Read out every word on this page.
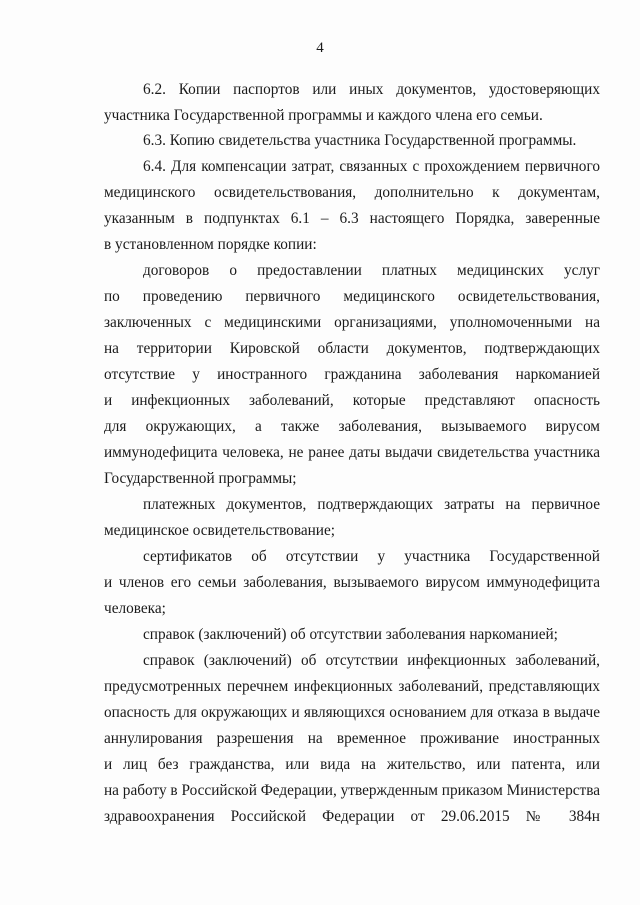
4
6.2. Копии паспортов или иных документов, удостоверяющих
участника Государственной программы и каждого члена его семьи.
6.3. Копию свидетельства участника Государственной программы.
6.4. Для компенсации затрат, связанных с прохождением первичного
медицинского освидетельствования, дополнительно к документам,
указанным в подпунктах 6.1 – 6.3 настоящего Порядка, заверенные
в установленном порядке копии:
договоров о предоставлении платных медицинских услуг
по проведению первичного медицинского освидетельствования,
заключенных с медицинскими организациями, уполномоченными на
на территории Кировской области документов, подтверждающих
отсутствие у иностранного гражданина заболевания наркоманией
и инфекционных заболеваний, которые представляют опасность
для окружающих, а также заболевания, вызываемого вирусом
иммунодефицита человека, не ранее даты выдачи свидетельства участника
Государственной программы;
платежных документов, подтверждающих затраты на первичное
медицинское освидетельствование;
сертификатов об отсутствии у участника Государственной
и членов его семьи заболевания, вызываемого вирусом иммунодефицита
человека;
справок (заключений) об отсутствии заболевания наркоманией;
справок (заключений) об отсутствии инфекционных заболеваний,
предусмотренных перечнем инфекционных заболеваний, представляющих
опасность для окружающих и являющихся основанием для отказа в выдаче
аннулирования разрешения на временное проживание иностранных
и лиц без гражданства, или вида на жительство, или патента, или
на работу в Российской Федерации, утвержденным приказом Министерства
здравоохранения Российской Федерации от 29.06.2015 № 384н
